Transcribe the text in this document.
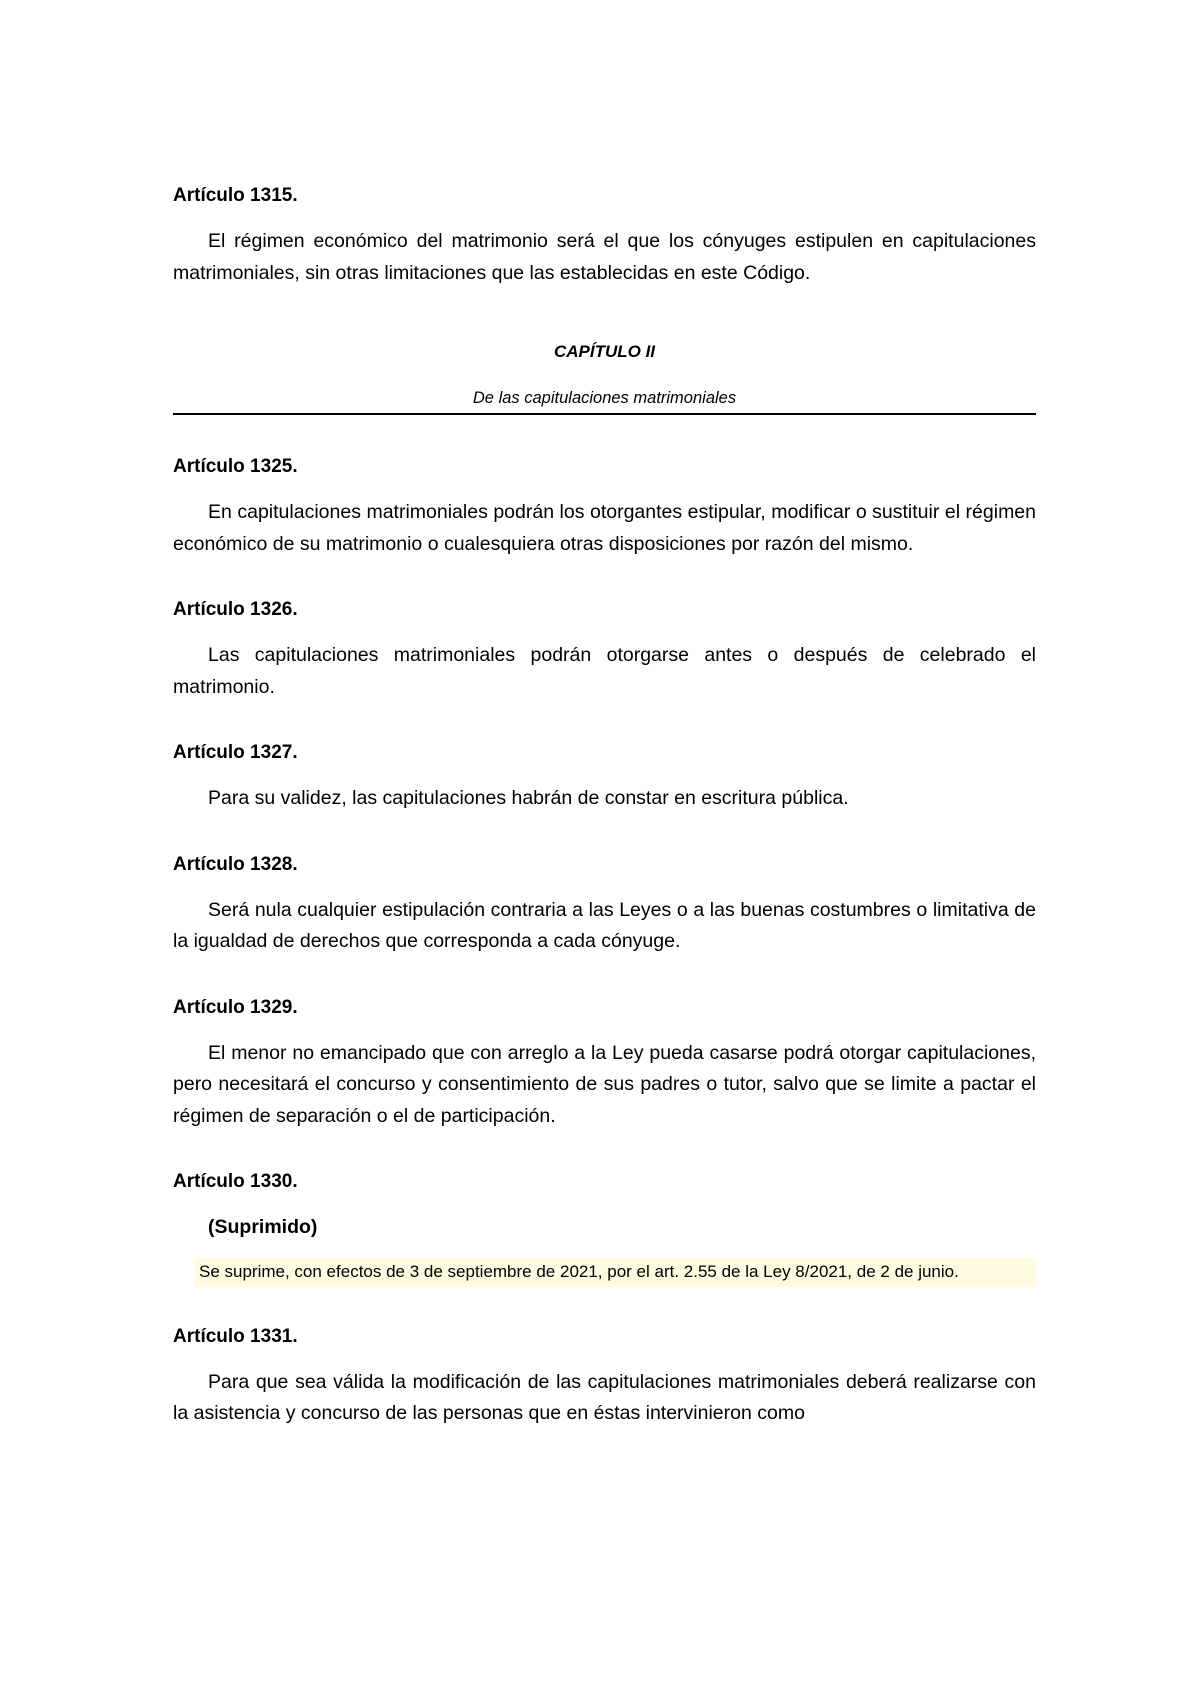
Artículo 1315.

El régimen económico del matrimonio será el que los cónyuges estipulen en capitulaciones matrimoniales, sin otras limitaciones que las establecidas en este Código.

CAPÍTULO II
De las capitulaciones matrimoniales

Artículo 1325.

En capitulaciones matrimoniales podrán los otorgantes estipular, modificar o sustituir el régimen económico de su matrimonio o cualesquiera otras disposiciones por razón del mismo.

Artículo 1326.

Las capitulaciones matrimoniales podrán otorgarse antes o después de celebrado el matrimonio.

Artículo 1327.

Para su validez, las capitulaciones habrán de constar en escritura pública.

Artículo 1328.

Será nula cualquier estipulación contraria a las Leyes o a las buenas costumbres o limitativa de la igualdad de derechos que corresponda a cada cónyuge.

Artículo 1329.

El menor no emancipado que con arreglo a la Ley pueda casarse podrá otorgar capitulaciones, pero necesitará el concurso y consentimiento de sus padres o tutor, salvo que se limite a pactar el régimen de separación o el de participación.

Artículo 1330.

(Suprimido)

Se suprime, con efectos de 3 de septiembre de 2021, por el art. 2.55 de la Ley 8/2021, de 2 de junio.

Artículo 1331.

Para que sea válida la modificación de las capitulaciones matrimoniales deberá realizarse con la asistencia y concurso de las personas que en éstas intervinieron como
